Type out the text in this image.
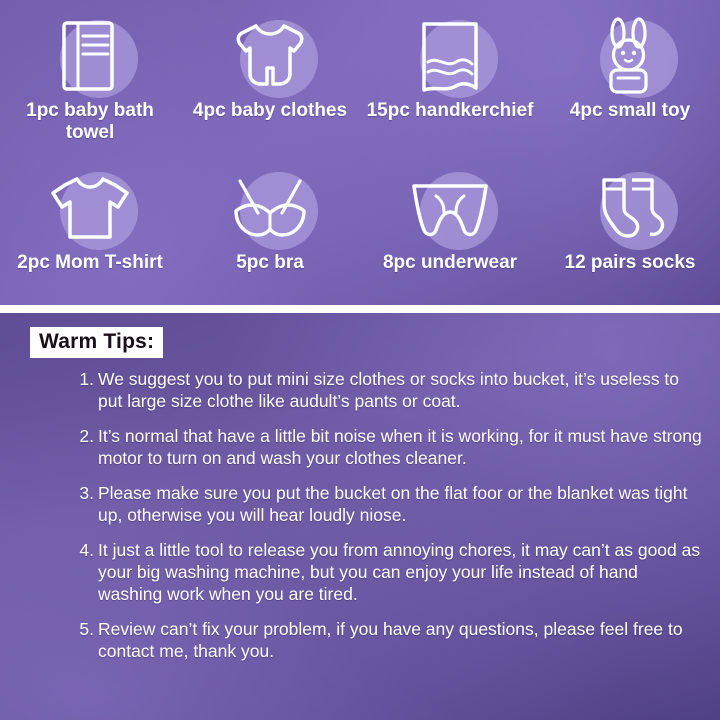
1pc baby bath towel
4pc baby clothes 15pc handkerchief 4pc small toy
2pc Mom T-shirt	5pc bra	8pc underwear 12 pairs socks
Warm Tips:
We suggest you to put mini size clothes or socks into bucket, it’s useless to put large size clothe like audult’s pants or coat.
It’s normal that have a little bit noise when it is working, for it must have strong motor to turn on and wash your clothes cleaner.
Please make sure you put the bucket on the flat foor or the blanket was tight up, otherwise you will hear loudly niose.
It just a little tool to release you from annoying chores, it may can’t as good as your big washing machine, but you can enjoy your life instead of hand washing work when you are tired.
Review can’t fix your problem, if you have any questions, please feel free to contact me, thank you.
